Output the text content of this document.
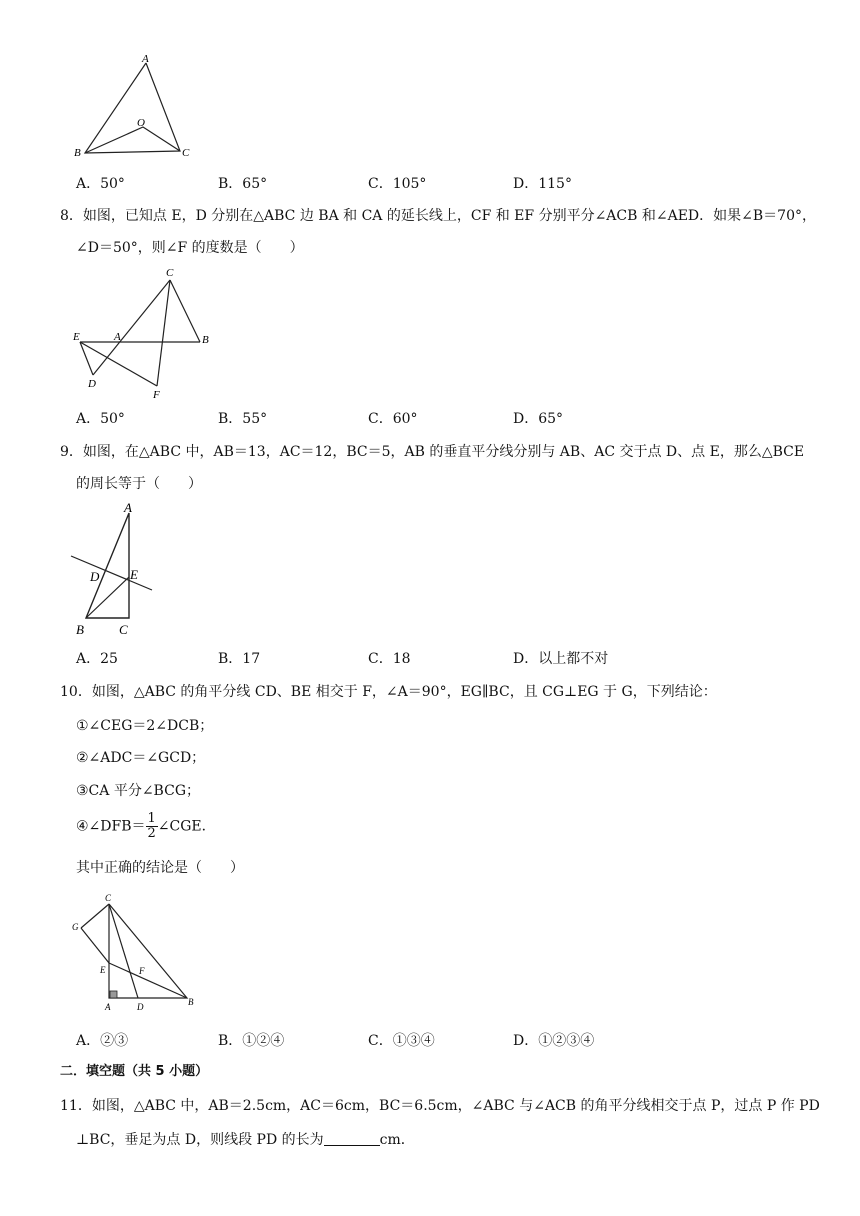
A
O
B	C
A．50°	B．65°	C．105°	D．115°
8．如图，已知点 E，D 分别在△ABC 边 BA 和 CA 的延长线上，CF 和 EF 分别平分∠ACB 和∠AED．如果∠B＝70°，
∠D＝50°，则∠F 的度数是（　　）
C
E	A	B
D
F
A．50°	B．55°	C．60°	D．65°
9．如图，在△ABC 中，AB＝13，AC＝12，BC＝5，AB 的垂直平分线分别与 AB、AC 交于点 D、点 E，那么△BCE
的周长等于（　　）
A
D E
B	C
A．25	B．17	C．18	D．以上都不对
10．如图，△ABC 的角平分线 CD、BE 相交于 F，∠A＝90°，EG∥BC，且 CG⊥EG 于 G，下列结论：
①∠CEG＝2∠DCB；
②∠ADC＝∠GCD；
③CA 平分∠BCG；
④∠DFB＝ $\frac{1}{2}$ ∠CGE．
其中正确的结论是（　　）
C
G
E	F
A	D	B
A．②③	B．①②④	C．①③④	D．①②③④
二．填空题（共 5 小题）
11．如图，△ABC 中，AB＝2.5cm，AC＝6cm，BC＝6.5cm，∠ABC 与∠ACB 的角平分线相交于点 P，过点 P 作 PD
⊥BC，垂足为点 D，则线段 PD 的长为	cm．
